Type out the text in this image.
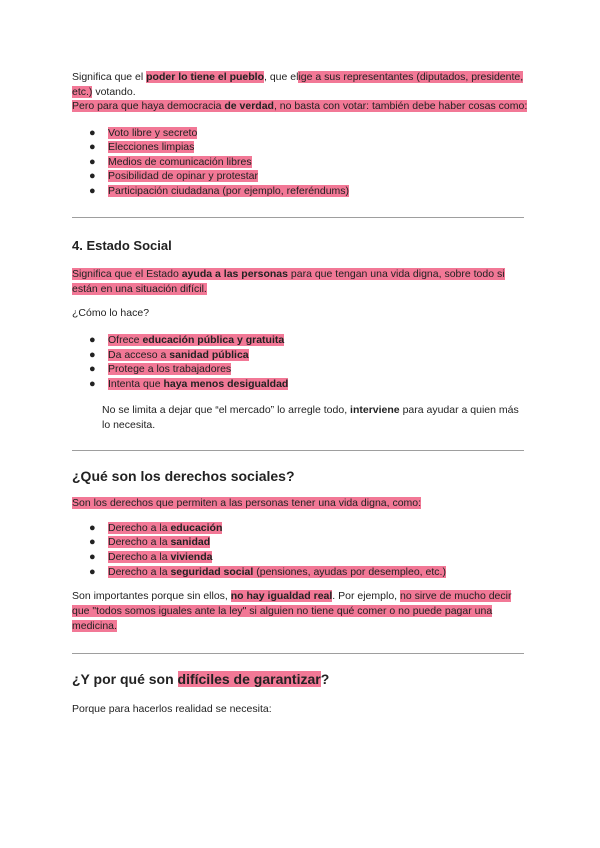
Significa que el poder lo tiene el pueblo, que elige a sus representantes (diputados, presidente, etc.) votando.

Pero para que haya democracia de verdad, no basta con votar: también debe haber cosas como:

● Voto libre y secreto
● Elecciones limpias
● Medios de comunicación libres
● Posibilidad de opinar y protestar
● Participación ciudadana (por ejemplo, referéndums)
4. Estado Social

Significa que el Estado ayuda a las personas para que tengan una vida digna, sobre todo si están en una situación difícil.

¿Cómo lo hace?

● Ofrece educación pública y gratuita
● Da acceso a sanidad pública
● Protege a los trabajadores
● Intenta que haya menos desigualdad

No se limita a dejar que “el mercado” lo arregle todo, interviene para ayudar a quien más lo necesita.

¿Qué son los derechos sociales?

Son los derechos que permiten a las personas tener una vida digna, como:

● Derecho a la educación
● Derecho a la sanidad
● Derecho a la vivienda
● Derecho a la seguridad social (pensiones, ayudas por desempleo, etc.)

Son importantes porque sin ellos, no hay igualdad real. Por ejemplo, no sirve de mucho decir que "todos somos iguales ante la ley" si alguien no tiene qué comer o no puede pagar una medicina.

¿Y por qué son difíciles de garantizar?

Porque para hacerlos realidad se necesita:
